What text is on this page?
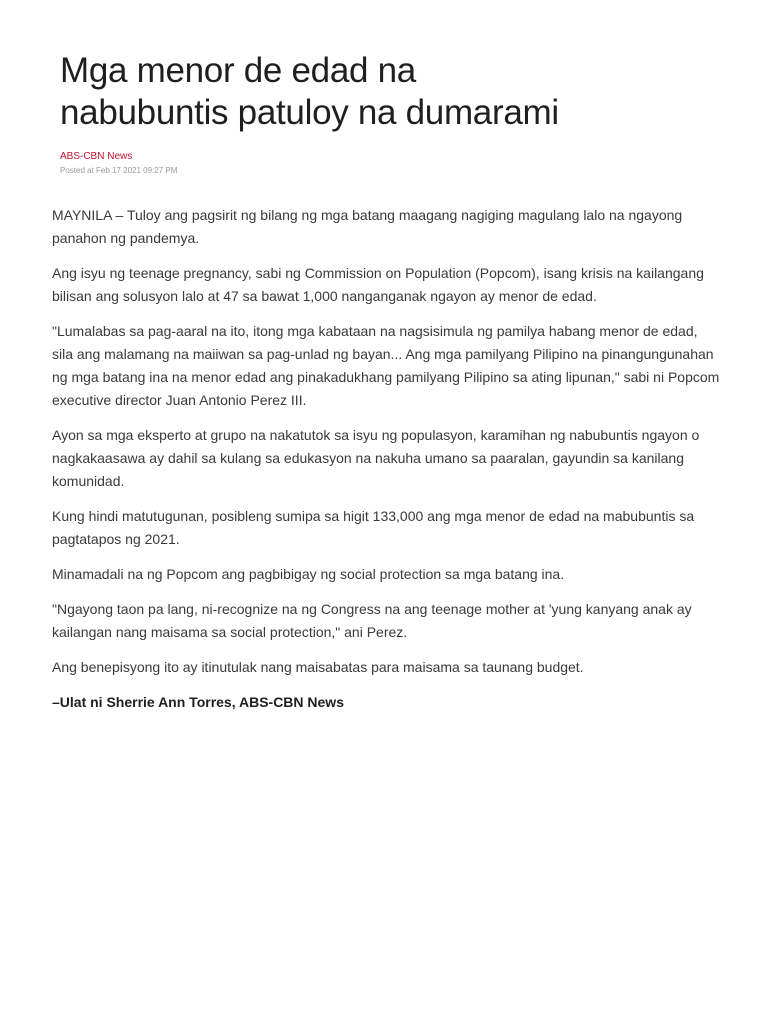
Mga menor de edad na
nabubuntis patuloy na dumarami
ABS-CBN News
Posted at Feb 17 2021 09:27 PM

MAYNILA – Tuloy ang pagsirit ng bilang ng mga batang maagang nagiging magulang lalo na ngayong panahon ng pandemya.

Ang isyu ng teenage pregnancy, sabi ng Commission on Population (Popcom), isang krisis na kailangang bilisan ang solusyon lalo at 47 sa bawat 1,000 nanganganak ngayon ay menor de edad.

"Lumalabas sa pag-aaral na ito, itong mga kabataan na nagsisimula ng pamilya habang menor de edad, sila ang malamang na maiiwan sa pag-unlad ng bayan... Ang mga pamilyang Pilipino na pinangungunahan ng mga batang ina na menor edad ang pinakadukhang pamilyang Pilipino sa ating lipunan," sabi ni Popcom executive director Juan Antonio Perez III.

Ayon sa mga eksperto at grupo na nakatutok sa isyu ng populasyon, karamihan ng nabubuntis ngayon o nagkakaasawa ay dahil sa kulang sa edukasyon na nakuha umano sa paaralan, gayundin sa kanilang komunidad.

Kung hindi matutugunan, posibleng sumipa sa higit 133,000 ang mga menor de edad na mabubuntis sa pagtatapos ng 2021.

Minamadali na ng Popcom ang pagbibigay ng social protection sa mga batang ina.

"Ngayong taon pa lang, ni-recognize na ng Congress na ang teenage mother at 'yung kanyang anak ay kailangan nang maisama sa social protection," ani Perez.

Ang benepisyong ito ay itinutulak nang maisabatas para maisama sa taunang budget.

–Ulat ni Sherrie Ann Torres, ABS-CBN News
